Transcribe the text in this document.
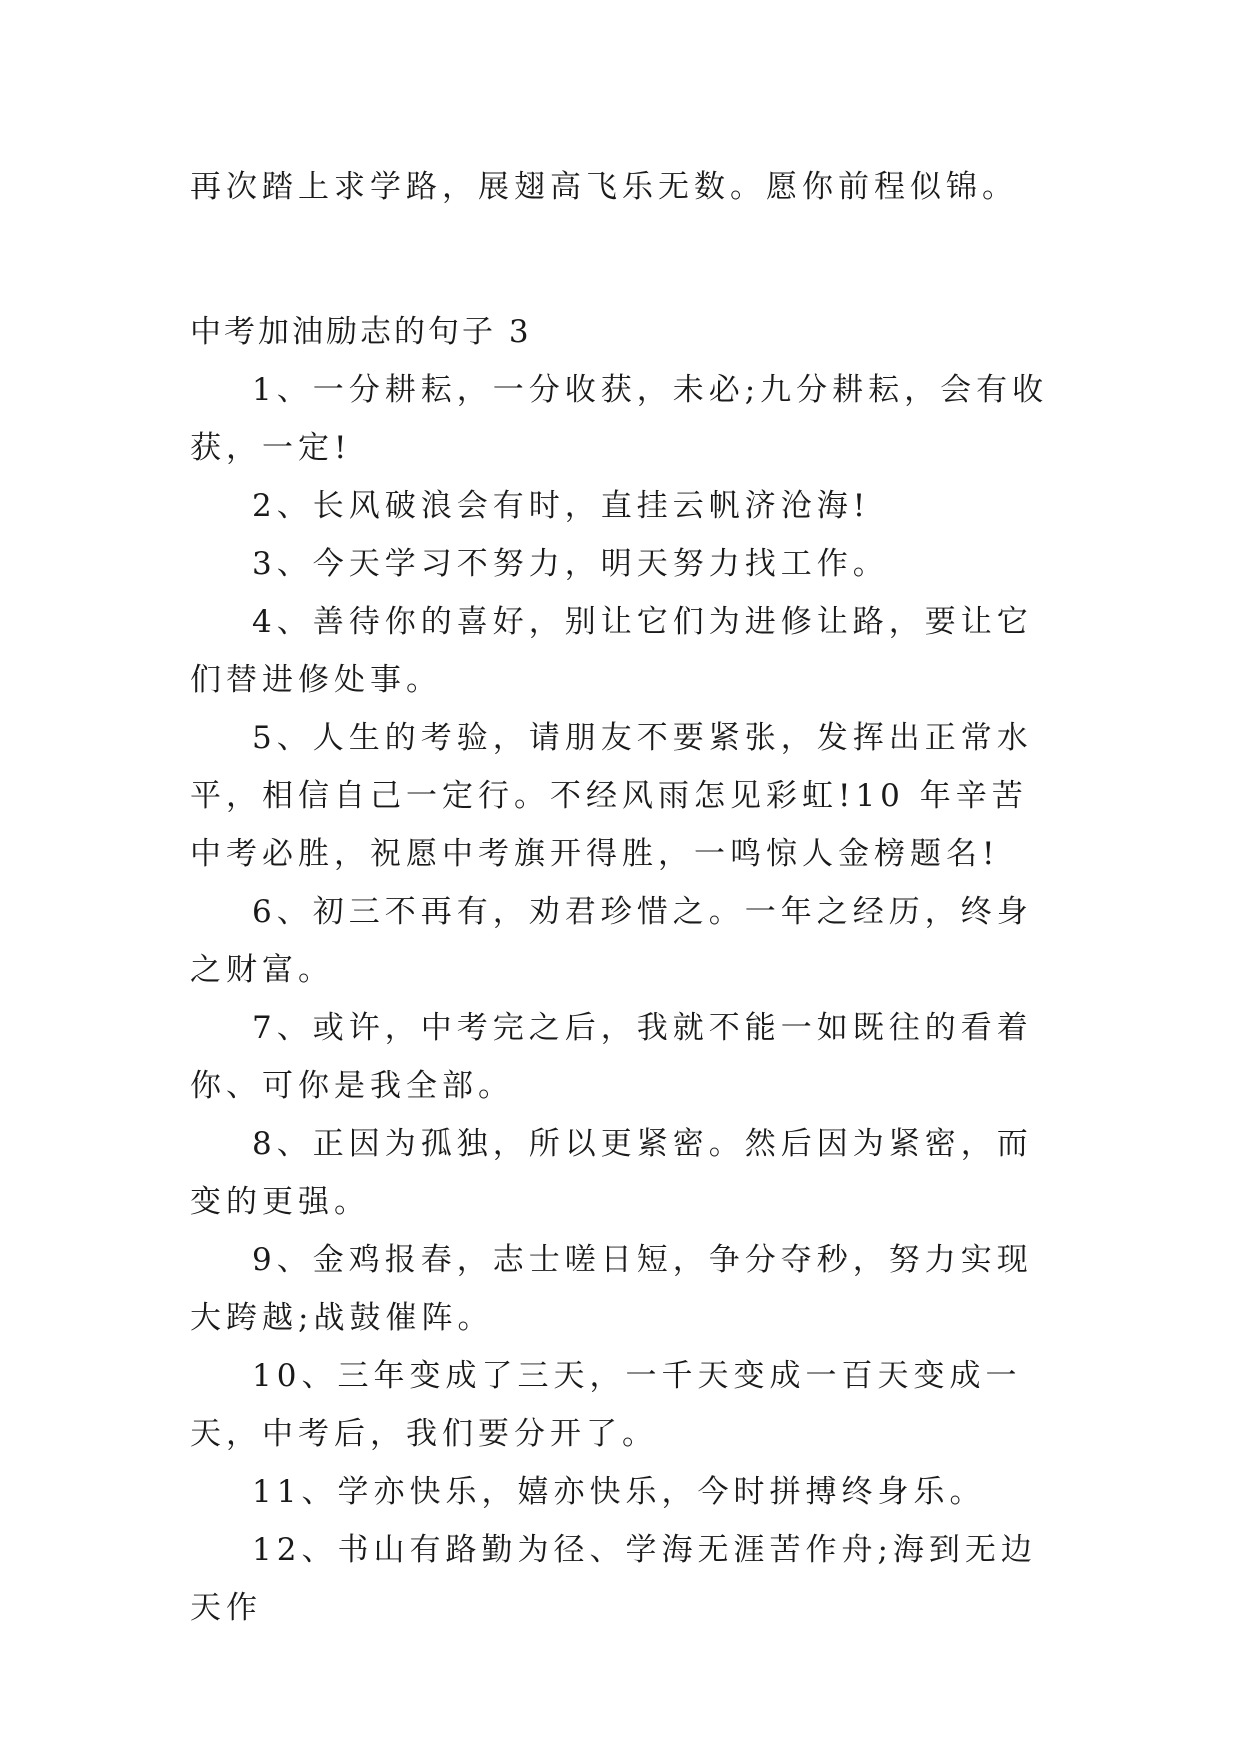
再次踏上求学路，展翅高飞乐无数。愿你前程似锦。

中考加油励志的句子 3

1、一分耕耘，一分收获，未必;九分耕耘，会有收获，一定!

2、长风破浪会有时，直挂云帆济沧海!

3、今天学习不努力，明天努力找工作。

4、善待你的喜好，别让它们为进修让路，要让它们替进修处事。

5、人生的考验，请朋友不要紧张，发挥出正常水平，相信自己一定行。不经风雨怎见彩虹!10 年辛苦中考必胜，祝愿中考旗开得胜，一鸣惊人金榜题名!

6、初三不再有，劝君珍惜之。一年之经历，终身之财富。

7、或许，中考完之后，我就不能一如既往的看着你、可你是我全部。

8、正因为孤独，所以更紧密。然后因为紧密，而变的更强。

9、金鸡报春，志士嗟日短，争分夺秒，努力实现大跨越;战鼓催阵。

10、三年变成了三天，一千天变成一百天变成一天，中考后，我们要分开了。

11、学亦快乐，嬉亦快乐，今时拼搏终身乐。

12、书山有路勤为径、学海无涯苦作舟;海到无边天作
